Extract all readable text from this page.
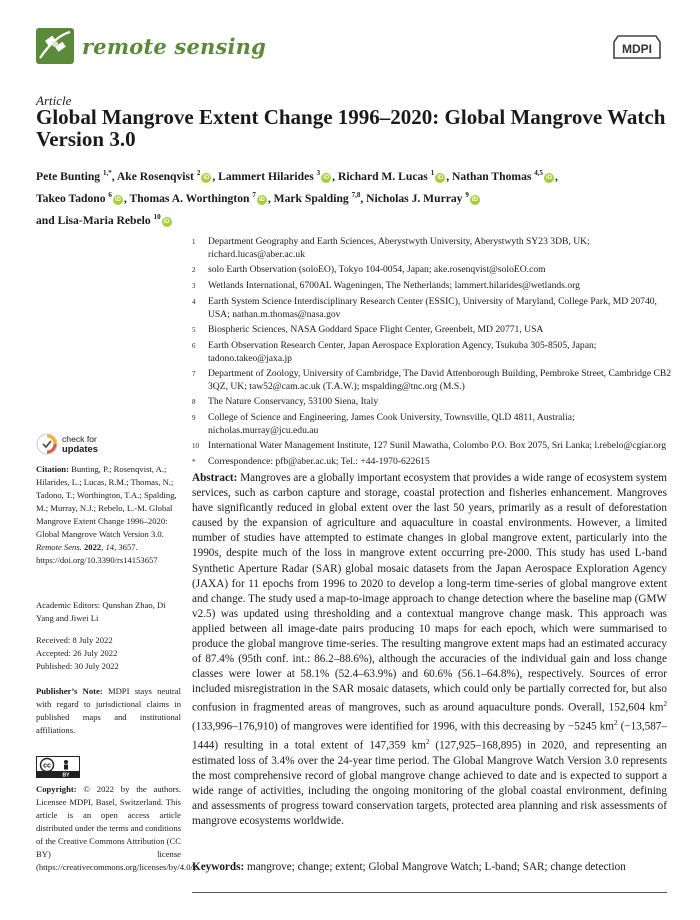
remote sensing	MDPI
Article
Global Mangrove Extent Change 1996–2020: Global Mangrove Watch Version 3.0
Pete Bunting $^{1,*}$, Ake Rosenqvist $^2$iD , Lammert Hilarides $^3$iD , Richard M. Lucas $^1$iD , Nathan Thomas $^{4,5}$iD ,
Takeo Tadono $^6$iD , Thomas A. Worthington $^7$iD , Mark Spalding $^{7,8}$, Nicholas J. Murray $^9$iD
and Lisa-Maria Rebelo $^{10}$iD
1	Department Geography and Earth Sciences, Aberystwyth University, Aberystwyth SY23 3DB, UK; richard.lucas@aber.ac.uk
2	solo Earth Observation (soloEO), Tokyo 104-0054, Japan; ake.rosenqvist@soloEO.com
3	Wetlands International, 6700AL Wageningen, The Netherlands; lammert.hilarides@wetlands.org
4	Earth System Science Interdisciplinary Research Center (ESSIC), University of Maryland, College Park, MD 20740, USA; nathan.m.thomas@nasa.gov
5	Biospheric Sciences, NASA Goddard Space Flight Center, Greenbelt, MD 20771, USA
6	Earth Observation Research Center, Japan Aerospace Exploration Agency, Tsukuba 305-8505, Japan; tadono.takeo@jaxa.jp
7	Department of Zoology, University of Cambridge, The David Attenborough Building, Pembroke Street, Cambridge CB2 3QZ, UK; taw52@cam.ac.uk (T.A.W.); mspalding@tnc.org (M.S.)
8	The Nature Conservancy, 53100 Siena, Italy
9	College of Science and Engineering, James Cook University, Townsville, QLD 4811, Australia; nicholas.murray@jcu.edu.au
10 International Water Management Institute, 127 Sunil Mawatha, Colombo P.O. Box 2075, Sri Lanka; l.rebelo@cgiar.org
*	Correspondence: pfb@aber.ac.uk; Tel.: +44-1970-622615
check for
updates
Citation: Bunting, P.; Rosenqvist, A.; Hilarides, L.; Lucas, R.M.; Thomas, N.; Tadono, T.; Worthington, T.A.; Spalding, M.; Murray, N.J.; Rebelo, L.-M. Global Mangrove Extent Change 1996–2020: Global Mangrove Watch Version 3.0. Remote Sens. 2022, 14, 3657. https://doi.org/10.3390/rs14153657
Academic Editors: Qunshan Zhao, Di Yang and Jiwei Li
Received: 8 July 2022
Accepted: 26 July 2022
Published: 30 July 2022
Publisher’s Note: MDPI stays neutral with regard to jurisdictional claims in published maps and institutional affiliations.
cc
BY
Copyright: © 2022 by the authors. Licensee MDPI, Basel, Switzerland. This article is an open access article distributed under the terms and conditions of the Creative Commons Attribution (CC BY) license (https://creativecommons.org/licenses/by/4.0/).
Abstract: Mangroves are a globally important ecosystem that provides a wide range of ecosystem system services, such as carbon capture and storage, coastal protection and fisheries enhancement. Mangroves have significantly reduced in global extent over the last 50 years, primarily as a result of deforestation caused by the expansion of agriculture and aquaculture in coastal environments. However, a limited number of studies have attempted to estimate changes in global mangrove extent, particularly into the 1990s, despite much of the loss in mangrove extent occurring pre-2000. This study has used L-band Synthetic Aperture Radar (SAR) global mosaic datasets from the Japan Aerospace Exploration Agency (JAXA) for 11 epochs from 1996 to 2020 to develop a long-term time-series of global mangrove extent and change. The study used a map-to-image approach to change detection where the baseline map (GMW v2.5) was updated using thresholding and a contextual mangrove change mask. This approach was applied between all image-date pairs producing 10 maps for each epoch, which were summarised to produce the global mangrove time-series. The resulting mangrove extent maps had an estimated accuracy of 87.4% (95th conf. int.: 86.2–88.6%), although the accuracies of the individual gain and loss change classes were lower at 58.1% (52.4–63.9%) and 60.6% (56.1–64.8%), respectively. Sources of error included misregistration in the SAR mosaic datasets, which could only be partially corrected for, but also confusion in fragmented areas of mangroves, such as around aquaculture ponds. Overall, 152,604 $km^2$ (133,996–176,910) of mangroves were identified for 1996, with this decreasing by −5245 $km^2$ (−13,587–1444) resulting in a total extent of 147,359 $km^2$ (127,925–168,895) in 2020, and representing an estimated loss of 3.4% over the 24-year time period. The Global Mangrove Watch Version 3.0 represents the most comprehensive record of global mangrove change achieved to date and is expected to support a wide range of activities, including the ongoing monitoring of the global coastal environment, defining and assessments of progress toward conservation targets, protected area planning and risk assessments of mangrove ecosystems worldwide.
Keywords: mangrove; change; extent; Global Mangrove Watch; L-band; SAR; change detection
